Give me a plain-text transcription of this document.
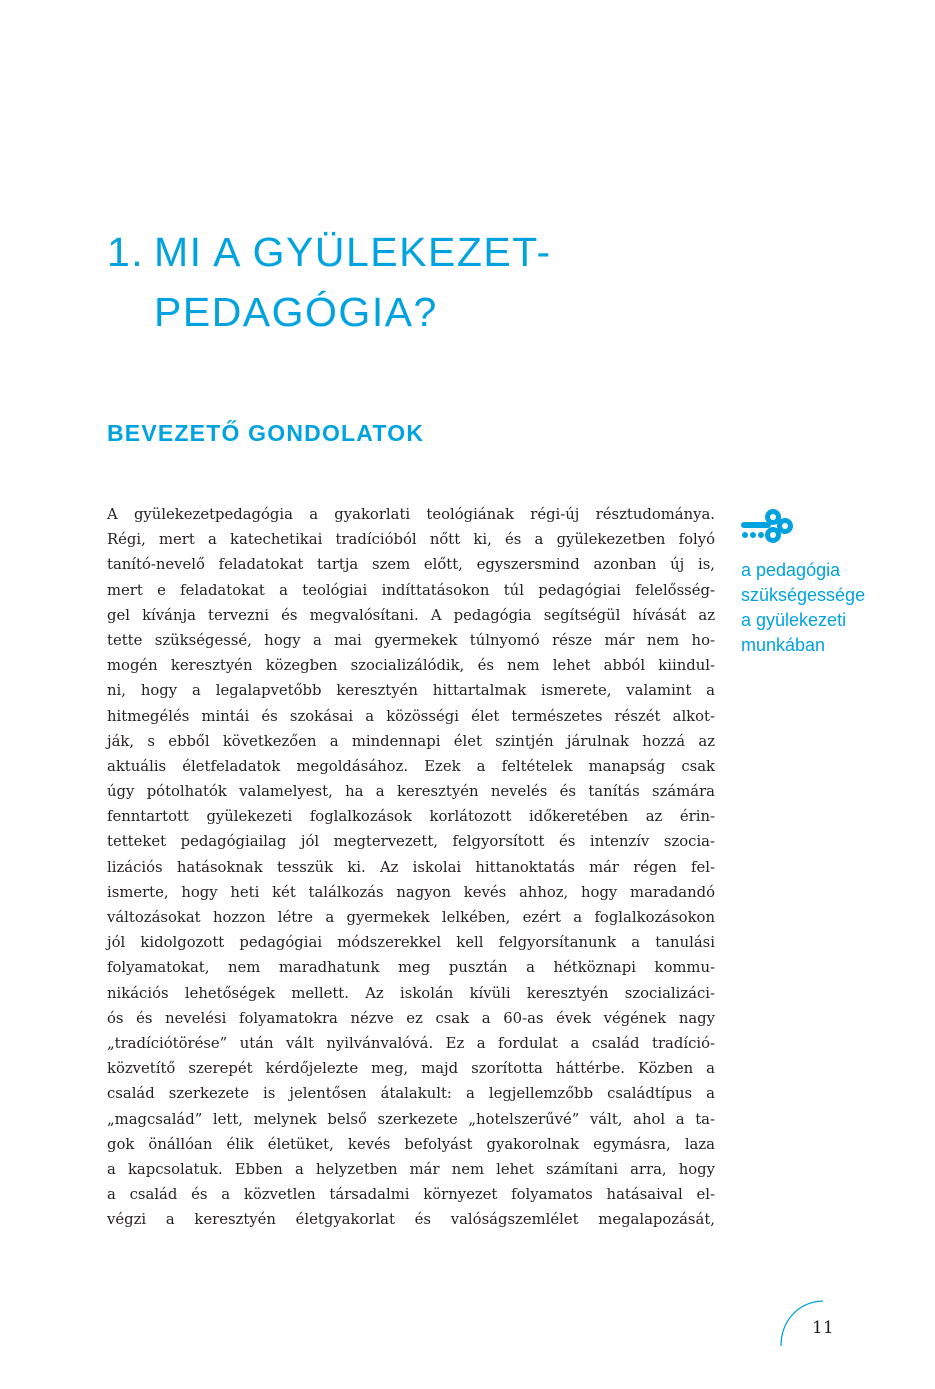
1. MI A GYÜLEKEZET-
PEDAGÓGIA?
BEVEZETŐ GONDOLATOK
A gyülekezetpedagógia a gyakorlati teológiának régi-új résztudománya.
Régi, mert a katechetikai tradícióból nőtt ki, és a gyülekezetben folyó
tanító-nevelő feladatokat tartja szem előtt, egyszersmind azonban új is,
mert e feladatokat a teológiai indíttatásokon túl pedagógiai felelősség-
gel kívánja tervezni és megvalósítani. A pedagógia segítségül hívását az
tette szükségessé, hogy a mai gyermekek túlnyomó része már nem ho-
mogén keresztyén közegben szocializálódik, és nem lehet abból kiindul-
ni, hogy a legalapvetőbb keresztyén hittartalmak ismerete, valamint a
hitmegélés mintái és szokásai a közösségi élet természetes részét alkot-
ják, s ebből következően a mindennapi élet szintjén járulnak hozzá az
aktuális életfeladatok megoldásához. Ezek a feltételek manapság csak
úgy pótolhatók valamelyest, ha a keresztyén nevelés és tanítás számára
fenntartott gyülekezeti foglalkozások korlátozott időkeretében az érin-
tetteket pedagógiailag jól megtervezett, felgyorsított és intenzív szocia-
lizációs hatásoknak tesszük ki. Az iskolai hittanoktatás már régen fel-
ismerte, hogy heti két találkozás nagyon kevés ahhoz, hogy maradandó
változásokat hozzon létre a gyermekek lelkében, ezért a foglalkozásokon
jól kidolgozott pedagógiai módszerekkel kell felgyorsítanunk a tanulási
folyamatokat, nem maradhatunk meg pusztán a hétköznapi kommu-
nikációs lehetőségek mellett. Az iskolán kívüli keresztyén szocializáci-
ós és nevelési folyamatokra nézve ez csak a 60-as évek végének nagy
„tradíciótörése” után vált nyilvánvalóvá. Ez a fordulat a család tradíció-
közvetítő szerepét kérdőjelezte meg, majd szorította háttérbe. Közben a
család szerkezete is jelentősen átalakult: a legjellemzőbb családtípus a
„magcsalád” lett, melynek belső szerkezete „hotelszerűvé” vált, ahol a ta-
gok önállóan élik életüket, kevés befolyást gyakorolnak egymásra, laza
a kapcsolatuk. Ebben a helyzetben már nem lehet számítani arra, hogy
a család és a közvetlen társadalmi környezet folyamatos hatásaival el-
végzi a keresztyén életgyakorlat és valóságszemlélet megalapozását,
a pedagógia
szükségessége
a gyülekezeti
munkában
11
